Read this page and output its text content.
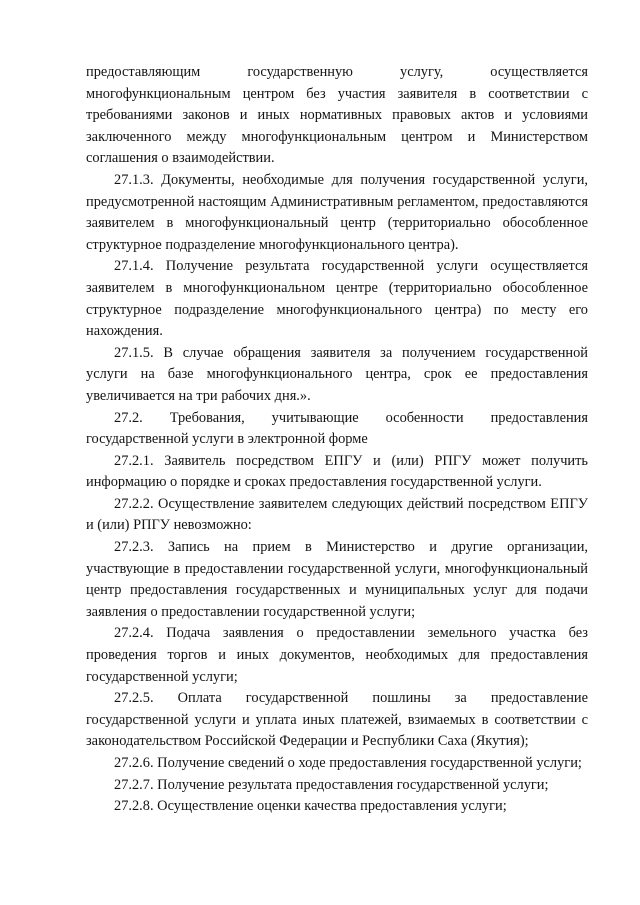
предоставляющим государственную услугу, осуществляется многофункциональным центром без участия заявителя в соответствии с требованиями законов и иных нормативных правовых актов и условиями заключенного между многофункциональным центром и Министерством соглашения о взаимодействии.

27.1.3. Документы, необходимые для получения государственной услуги, предусмотренной настоящим Административным регламентом, предоставляются заявителем в многофункциональный центр (территориально обособленное структурное подразделение многофункционального центра).

27.1.4. Получение результата государственной услуги осуществляется заявителем в многофункциональном центре (территориально обособленное структурное подразделение многофункционального центра) по месту его нахождения.

27.1.5. В случае обращения заявителя за получением государственной услуги на базе многофункционального центра, срок ее предоставления увеличивается на три рабочих дня.».

27.2. Требования, учитывающие особенности предоставления государственной услуги в электронной форме

27.2.1. Заявитель посредством ЕПГУ и (или) РПГУ может получить информацию о порядке и сроках предоставления государственной услуги.

27.2.2. Осуществление заявителем следующих действий посредством ЕПГУ и (или) РПГУ невозможно:

27.2.3. Запись на прием в Министерство и другие организации, участвующие в предоставлении государственной услуги, многофункциональный центр предоставления государственных и муниципальных услуг для подачи заявления о предоставлении государственной услуги;

27.2.4. Подача заявления о предоставлении земельного участка без проведения торгов и иных документов, необходимых для предоставления государственной услуги;

27.2.5. Оплата государственной пошлины за предоставление государственной услуги и уплата иных платежей, взимаемых в соответствии с законодательством Российской Федерации и Республики Саха (Якутия);

27.2.6. Получение сведений о ходе предоставления государственной услуги;

27.2.7. Получение результата предоставления государственной услуги;

27.2.8. Осуществление оценки качества предоставления услуги;
